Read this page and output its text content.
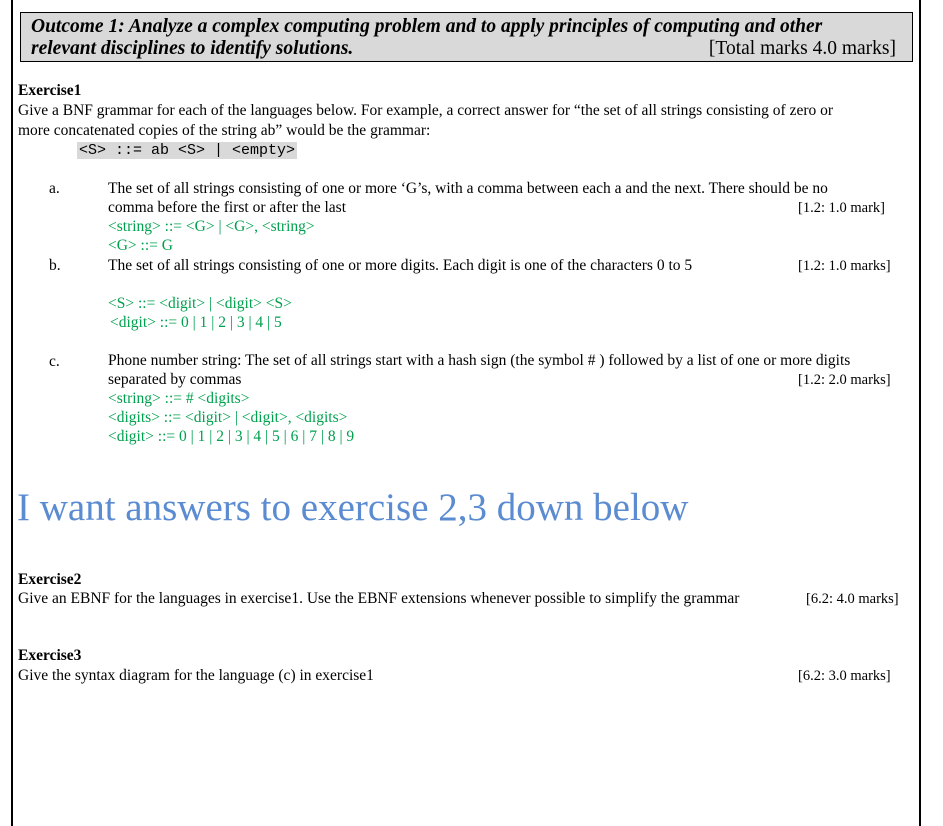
Outcome 1: Analyze a complex computing problem and to apply principles of computing and other
relevant disciplines to identify solutions.	[Total marks 4.0 marks]
Exercise1
Give a BNF grammar for each of the languages below. For example, a correct answer for “the set of all strings consisting of zero or
more concatenated copies of the string ab” would be the grammar:
<S> ::= ab <S> | <empty>
a.	The set of all strings consisting of one or more ‘G’s, with a comma between each a and the next. There should be no
comma before the first or after the last	[1.2: 1.0 mark]
<string> ::= <G> | <G>, <string>
<G> ::= G
b.	The set of all strings consisting of one or more digits. Each digit is one of the characters 0 to 5	[1.2: 1.0 marks]
<S> ::= <digit> | <digit> <S>
<digit> ::= 0 | 1 | 2 | 3 | 4 | 5
c.	Phone number string: The set of all strings start with a hash sign (the symbol # ) followed by a list of one or more digits
separated by commas	[1.2: 2.0 marks]
<string> ::= # <digits>
<digits> ::= <digit> | <digit>, <digits>
<digit> ::= 0 | 1 | 2 | 3 | 4 | 5 | 6 | 7 | 8 | 9
I want answers to exercise 2,3 down below
Exercise2
Give an EBNF for the languages in exercise1. Use the EBNF extensions whenever possible to simplify the grammar	[6.2: 4.0 marks]
Exercise3
Give the syntax diagram for the language (c) in exercise1	[6.2: 3.0 marks]
